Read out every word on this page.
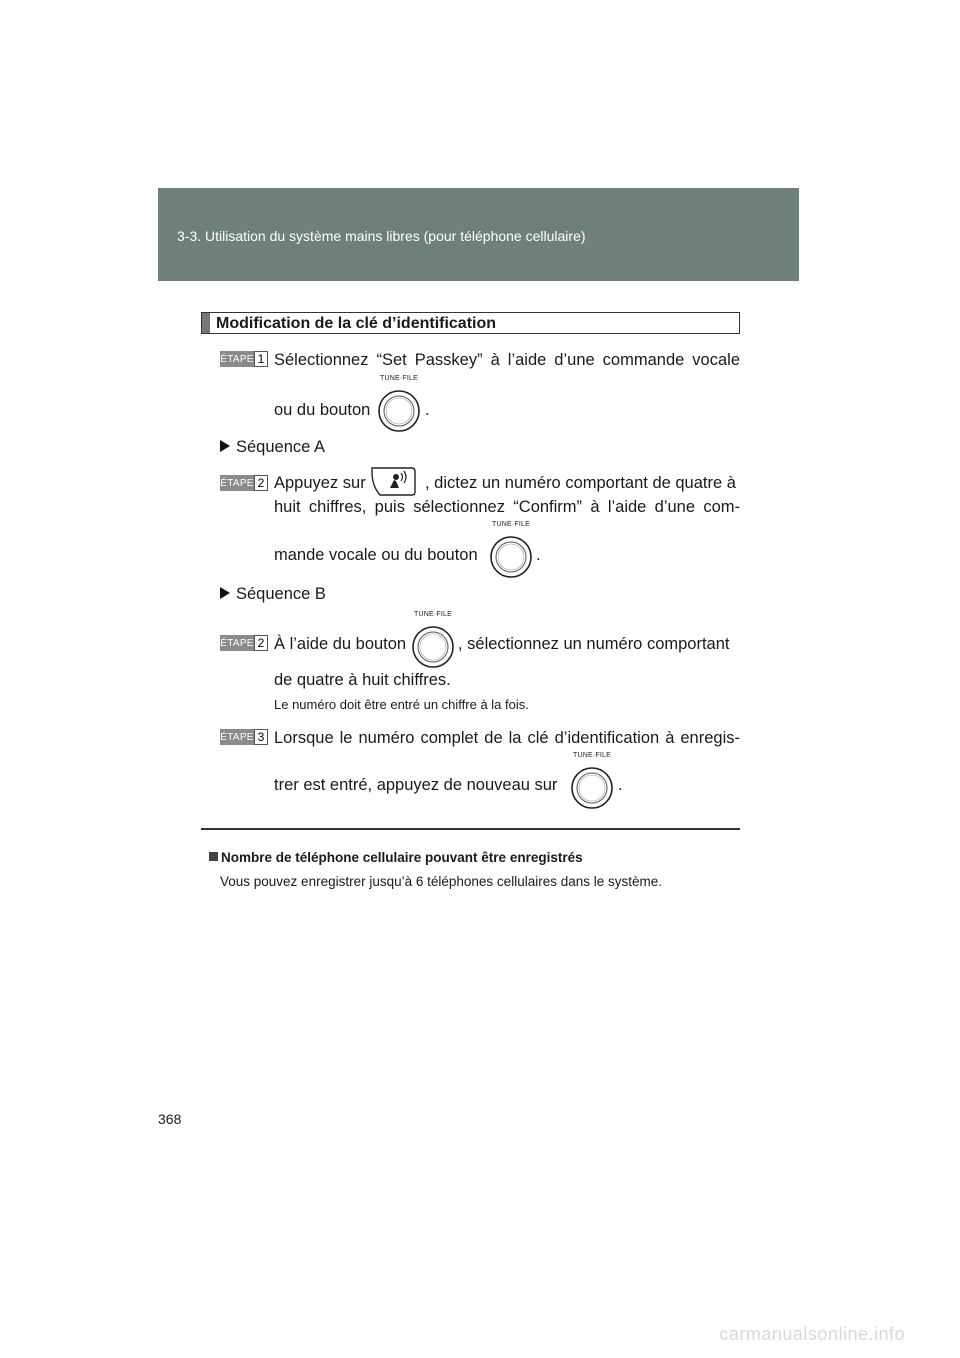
3-3. Utilisation du système mains libres (pour téléphone cellulaire)
Modification de la clé d’identification
ÉTAPE 1 Sélectionnez “Set Passkey” à l’aide d’une commande vocale
ou du bouton
TUNE·FILE
.
Séquence A
ÉTAPE 2 Appuyez sur	, dictez un numéro comportant de quatre à
huit chiffres, puis sélectionnez “Confirm” à l’aide d’une com-
mande vocale ou du bouton
TUNE·FILE
.
Séquence B
ÉTAPE 2 À l’aide du bouton
TUNE·FILE
, sélectionnez un numéro comportant
de quatre à huit chiffres.
Le numéro doit être entré un chiffre à la fois.
ÉTAPE 3 Lorsque le numéro complet de la clé d’identification à enregis-
trer est entré, appuyez de nouveau sur
TUNE·FILE
.
Nombre de téléphone cellulaire pouvant être enregistrés
Vous pouvez enregistrer jusqu’à 6 téléphones cellulaires dans le système.
368
carmanualsonline.info
